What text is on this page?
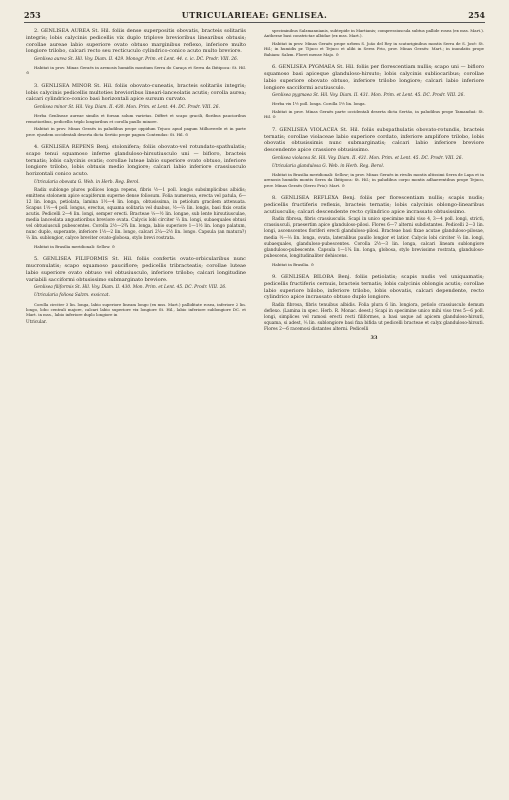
253	UTRICULARIEAE: GENLISEA.	254

2. GENLISEA AUREA St. Hil. foliis dense superpositis obovatis, bracteis solitariis integris; lobis calycinis pedicellis vix duplo triplove brevioribus linearibus obtusis; corollae aureae labio superiore ovato obtuso marginibus reflexo, inferiore multo longiore trilobo, calcari recto seu recticuculo cylindrico-conico acuto multo breviore.

Genlisea aurea St. Hil. Voy. Diam. II. 429. Monogr. Prim. et Lent. 44. c. ic. DC. Prodr. VIII. 26.

Habitat in prov. Minas Geraës in arenosis humidis montium Serra do Caraça et Serra da Ibitipoca: St. Hil. ⊙

3. GENLISEA MINOR St. Hil. foliis obovato-cuneatis, bracteis solitariis integris; lobis calycinis pedicellis multoties brevioribus lineari-lanceolatis acutis; corolla aurea; calcari cylindrico-conico basi horizontali apice sursum curvato.

Genlisea minor St. Hil. Voy. Diam. II. 430. Mon. Prim. et Lent. 44. DC. Prodr. VIII. 26.

Herba Genliseae aureae similis et forsan solum varietas. Differt et scapo gracili, floribus paucioribus remotioribus, pedicellis triplo longioribus et corolla paullo minore.

Habitat in prov. Minas Geraës in paludibus prope oppidum Tejuco apud pagum Milhoverde et in parte prov. ejusdem occidentali deserta dicta Sertão prope pagum Contendas: St. Hil. ⊙

4. GENLISEA REPENS Benj. stolonifera; foliis obovato-vel rotundato-spathulatis; scapo tenui squamoso inferne glanduloso-hirsutiusculo uni — bifloro, bracteis ternatis; lobis calycinis ovatis; corollae luteae labio superiore ovato obtuso, inferiore longiore trilobo, lobis obtusis medio longiore; calcari labio inferiore crassiusculo horizontali conico acuto.

Utricularia obovata G. Web. in Herb. Reg. Berol.

Radix sublonge plures pollices longa repens, fibris ½—1 poll. longis subsimplicibus albidis; emittens stolonem apice scapiferum superne dense foliosum. Folia numerosa, erecta vel patula, 6—12 lin. longa, petiolata, lamina 1½—4 lin. longa, obtusissima, in petiolum gracilem attenuata. Scapus 1½—4 poll. longus, erectus, squama solitaria vel duabus, ½—⅔ lin. longis, basi fixis ovatis acutis. Pedicelli 2—4 lin. longi, semper erecti. Bracteae ⅓—½ lin. longae, sub lente hirsutiusculae, media lanceolata angustioribus breviore ovata. Calycis lobi circiter ⅔ lin. longi, subaequales obtusi vel obtusiusculi pubescentes. Corolla 2½—2¾ lin. longa, labio superiore 1—1½ lin. longo palatum, nunc duplo, superante, inferiore 1½—2 lin. longo, calcari 2¼—2½ lin. longo. Capsula (an matura?) ⅔ lin. sublongior, calyce breviter ovato-globosa, stylo brevi rostrata.

Habitat in Brasilia meridionali: Sellow. ⊙

5. GENLISEA FILIFORMIS St. Hil. foliis confertis ovato-orbicularibus nunc mucronulatis; scapo squamoso pauciflore; pedicellis tribracteatis; corollae luteae labio superiore ovato obtuso vel obtusiusculo, inferiore trilobo; calcari longitudine variabili sacciformi obtusissimo submarginato breviore.

Genlisea filiformis St. Hil. Voy. Diam. II. 430. Mon. Prim. et Lent. 45. DC. Prodr. VIII. 26.

Utricularia foliosa Salzm. exsiccat.

Corolla circiter 3 lin. longa, labio superiore lineam longo (ex mss. Mart.) palliditate rosea, inferiore 2 lin. longo, lobo centrali majore, calcari labio superiore vix longiore St. Hil., labio inferiore sublongiore DC. et Mart. in mss., labio inferiore duplo longiore in

Utricular.

speciminibus Salzmannianis, subtepide in Martianis; compressiuscula subtus pallide rosea (ex mss. Mart.). Antherae basi constrictae albidae (ex mss. Mart.).

Habitat in prov. Minas Geraës prope urbem S. João del Rey in scaturiginibus montis Serra de S. José: St. Hil.; in humidis pr. Tijuco et Tejuco et alibi in Serra Frio, prov. Minas Geraës: Mart.; in inundatis prope Bahiam: Salzm. Floret mense Majo. ⊙

6. GENLISEA PYGMAEA St. Hil. foliis per florescentiam nullis; scapo uni — bifloro squamoso basi apiceque glanduloso-hirsuto; lobis calycinis subliocaribus; corollae labio superiore obovato obtuso, inferiore trilobo longiore; calcari labio inferiore longiore sacciformi acutiusculo.

Genlisea pygmaea St. Hil. Voy. Diam. II. 431. Mon. Prim. et Lent. 45. DC. Prodr. VIII. 26.

Herba vix 1½ poll. longa. Corolla 1½ lin. longa.

Habitat in prov. Minas Geraës parte occidentali deserta dicta Sertão, in paludibus prope Tamanduá: St. Hil. ⊙

7. GENLISEA VIOLACEA St. Hil. foliis subspathulatis obovato-rotundis, bracteis ternatis; corollae violaceae labio superiore cordato, inferiore amplifore trilobo, lobis obovatis obtusissimis nunc submarginatis; calcari labio inferiore breviore descendente apice crassiore obtusissimo.

Genlisea violacea St. Hil. Voy. Diam. II. 431. Mon. Prim. et Lent. 45. DC. Prodr. VIII. 26.

Utricularia glandulosa G. Web. in Herb. Reg. Berol.

Habitat in Brasilia meridionali: Sellow; in prov. Minas Geraës in rivulis montis altissimi Serra de Lapa et in arenosis humidis montis Serra da Ibitipoca: St. Hil.; in paludibus corpo montis adhaerentibus prope Tejuco, prov. Minas Geraës (Serro Frio): Mart. ⊙

8. GENLISEA REFLEXA Benj. foliis per florescentiam nullis; scapis nudis; pedicellis fructiferis reflexis, bracteis ternatis; lobis calycinis oblongo-linearibus acutiusculis; calcari descendente recto cylindrico apice incrassato obtusissimo.

Radix fibrosa, fibris crassiusculis. Scapi in unico specimine mihi viso 4, 3—4 poll. longi, stricti, crassiusculi, praesertim apice glanduloso-pilosi. Flores 6—7 alterni subdistantes. Pedicelli 2—3 lin. longi, ascenscentes floriferi erecti glanduloso-pilosi. Bracteae basi fixae acutae glanduloso-pilosae, media ½—⅔ lin. longa, ovata, lateralibus paullo longior et latior. Calycis lobi circiter ⅔ lin. longi, subaequales, glanduloso-pubescentes. Corolla 2½—3 lin. longa, calcari lineam sublongiore glanduloso-pubescente. Capsula 1—1¼ lin. longa, globosa, stylo brevissimo rostrata, glanduloso-pubescens, longitudinaliter dehiscens.

Habitat in Brasilia. ⊙

9. GENLISEA BILOBA Benj. foliis petiolatis; scapis nudis vel uniquamatis; pedicellis fructiferis cernuis, bracteis ternatis; lobis calycinis oblongis acutis; corollae labio superiore bilobo, inferiore trilobo, lobis obovatis, calcari dependente, recto cylindrico apice incrassato obtuso duplo longiore.

Radix fibrosa, fibris tenuibus albidis. Folia plura 6 lin. longiora, petiolo crassiusculo demum deflexo. (Lamina in spec. Herb. R. Monac. deest.) Scapi in specimine unico mihi viso tres 5—6 poll. longi, simplices vel ramosi erecti recti filiformes, a basi usque ad apicem glanduloso-hirsuti, squama, si adest, ⅓ lin. sublongiore basi fixa bifida ut pedicelli bracteae et calyx glanduloso-hirsuti. Flores 2—6 racemosi distantes alterni. Pedicelli

33
